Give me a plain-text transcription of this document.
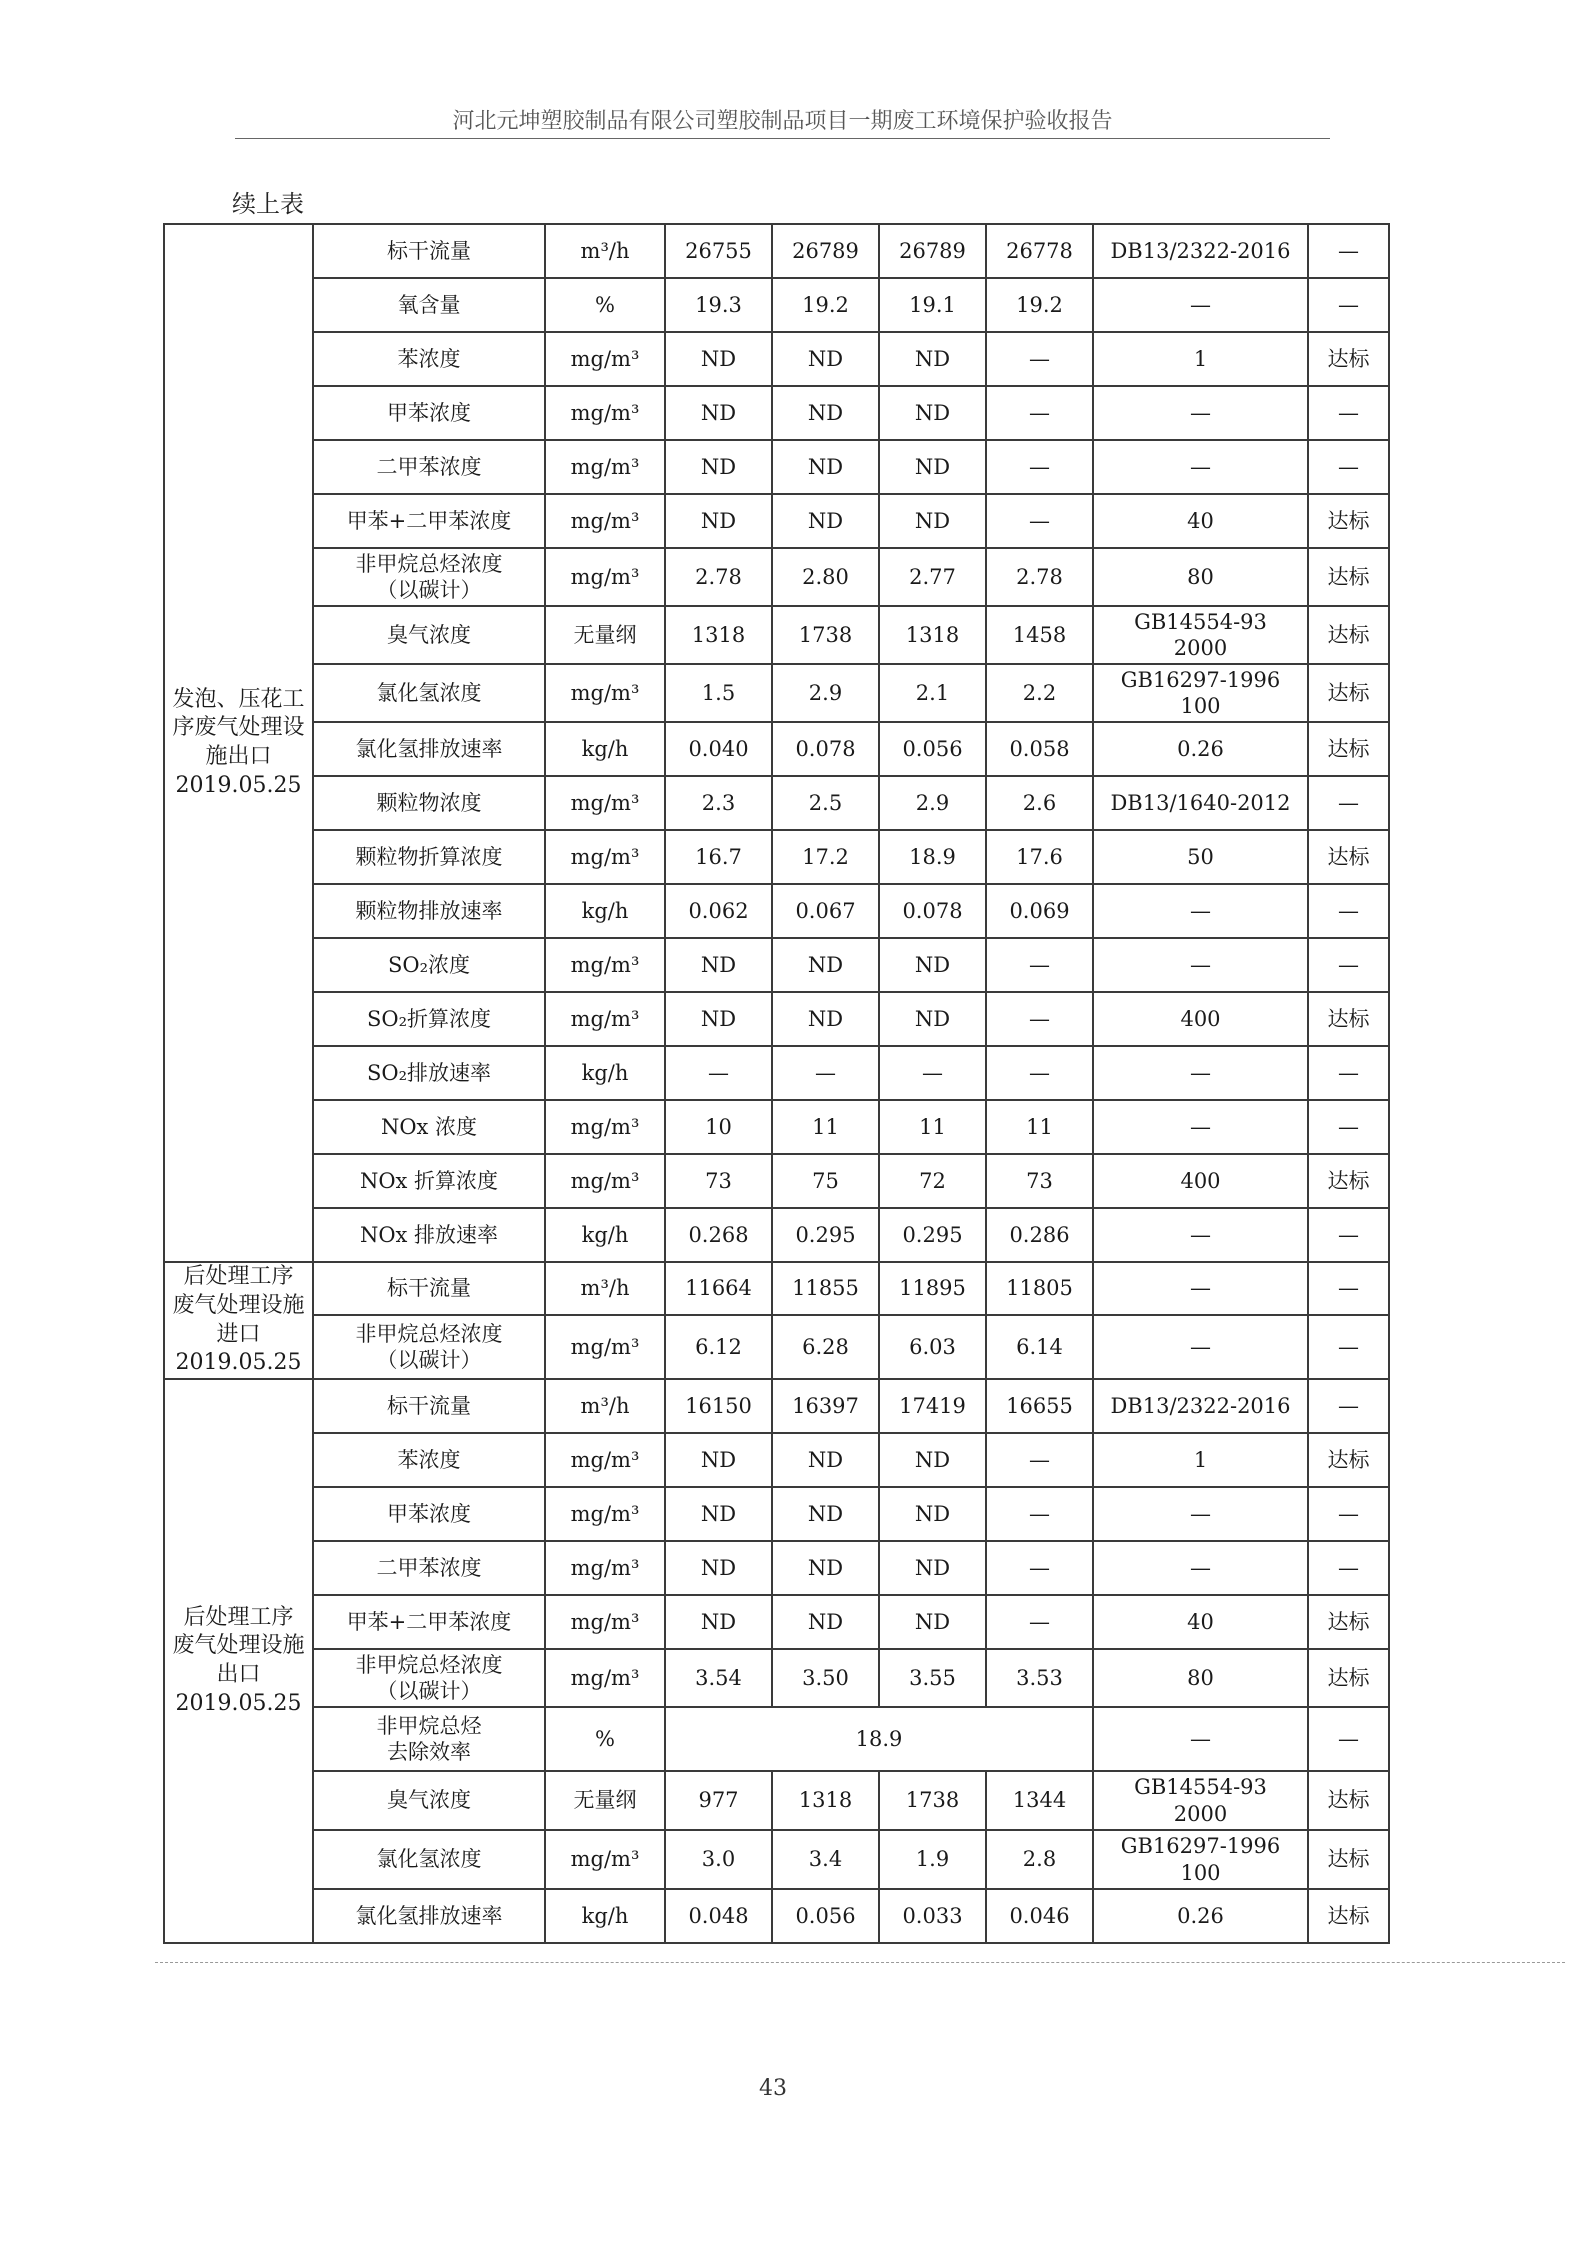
河北元坤塑胶制品有限公司塑胶制品项目一期废工环境保护验收报告
续上表
发泡、压花工
序废气处理设
施出口
2019.05.25	标干流量	m³/h	26755	26789	26789	26778	DB13/2322-2016	—

	氧含量	%	19.3	19.2	19.1	19.2	—	—

	苯浓度	mg/m³	ND	ND	ND	—	1	达标

	甲苯浓度	mg/m³	ND	ND	ND	—	—	—

	二甲苯浓度	mg/m³	ND	ND	ND	—	—	—

	甲苯+二甲苯浓度	mg/m³	ND	ND	ND	—	40	达标

	非甲烷总烃浓度
（以碳计）	mg/m³	2.78	2.80	2.77	2.78	80	达标

	臭气浓度	无量纲	1318	1738	1318	1458	GB14554-93
2000	达标

	氯化氢浓度	mg/m³	1.5	2.9	2.1	2.2	GB16297-1996
100	达标

	氯化氢排放速率	kg/h	0.040	0.078	0.056	0.058	0.26	达标

	颗粒物浓度	mg/m³	2.3	2.5	2.9	2.6	DB13/1640-2012	—

	颗粒物折算浓度	mg/m³	16.7	17.2	18.9	17.6	50	达标

	颗粒物排放速率	kg/h	0.062	0.067	0.078	0.069	—	—

	SO₂浓度	mg/m³	ND	ND	ND	—	—	—

	SO₂折算浓度	mg/m³	ND	ND	ND	—	400	达标

	SO₂排放速率	kg/h	—	—	—	—	—	—

	NOx 浓度	mg/m³	10	11	11	11	—	—

	NOx 折算浓度	mg/m³	73	75	72	73	400	达标

	NOx 排放速率	kg/h	0.268	0.295	0.295	0.286	—	—

后处理工序
废气处理设施
进口
2019.05.25	标干流量	m³/h	11664	11855	11895	11805	—	—

	非甲烷总烃浓度
（以碳计）	mg/m³	6.12	6.28	6.03	6.14	—	—

后处理工序
废气处理设施
出口
2019.05.25	标干流量	m³/h	16150	16397	17419	16655	DB13/2322-2016	—

	苯浓度	mg/m³	ND	ND	ND	—	1	达标

	甲苯浓度	mg/m³	ND	ND	ND	—	—	—

	二甲苯浓度	mg/m³	ND	ND	ND	—	—	—

	甲苯+二甲苯浓度	mg/m³	ND	ND	ND	—	40	达标

	非甲烷总烃浓度
（以碳计）	mg/m³	3.54	3.50	3.55	3.53	80	达标

	非甲烷总烃
去除效率	%	18.9				—	—

	臭气浓度	无量纲	977	1318	1738	1344	GB14554-93
2000	达标

	氯化氢浓度	mg/m³	3.0	3.4	1.9	2.8	GB16297-1996
100	达标

	氯化氢排放速率	kg/h	0.048	0.056	0.033	0.046	0.26	达标
43
